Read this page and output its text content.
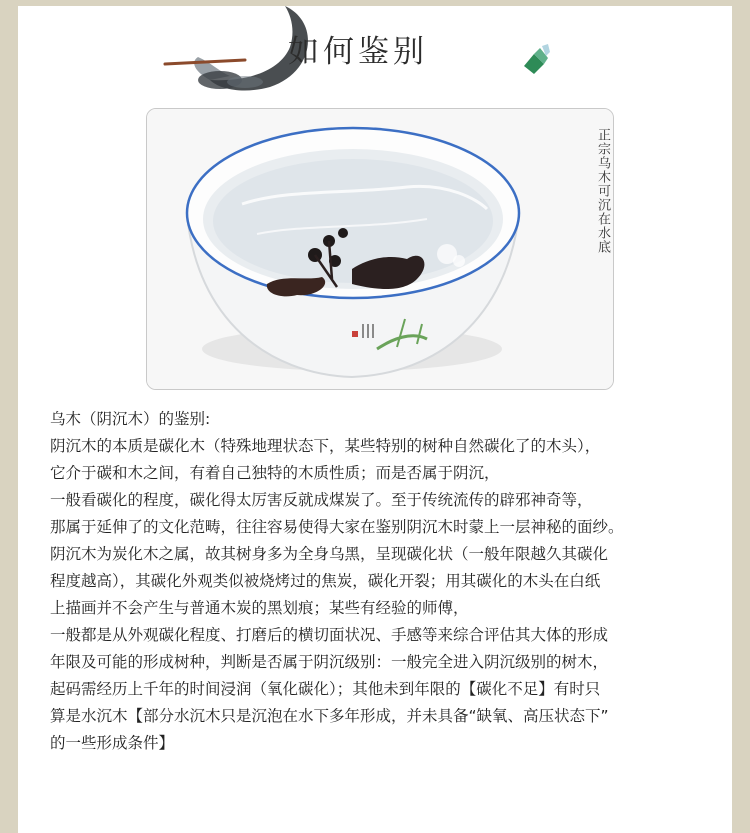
如何鉴别
正宗乌木可沉在水底

乌木（阴沉木）的鉴别:

阴沉木的本质是碳化木（特殊地理状态下，某些特别的树种自然碳化了的木头），

它介于碳和木之间，有着自己独特的木质性质；而是否属于阴沉，

一般看碳化的程度，碳化得太厉害反就成煤炭了。至于传统流传的辟邪神奇等，

那属于延伸了的文化范畴，往往容易使得大家在鉴别阴沉木时蒙上一层神秘的面纱。

阴沉木为炭化木之属，故其树身多为全身乌黑，呈现碳化状（一般年限越久其碳化

程度越高），其碳化外观类似被烧烤过的焦炭，碳化开裂；用其碳化的木头在白纸

上描画并不会产生与普通木炭的黑划痕；某些有经验的师傅，

一般都是从外观碳化程度、打磨后的横切面状况、手感等来综合评估其大体的形成

年限及可能的形成树种，判断是否属于阴沉级别：一般完全进入阴沉级别的树木，

起码需经历上千年的时间浸润（氧化碳化）；其他未到年限的【碳化不足】有时只

算是水沉木【部分水沉木只是沉泡在水下多年形成，并未具备“缺氧、高压状态下”

的一些形成条件】
